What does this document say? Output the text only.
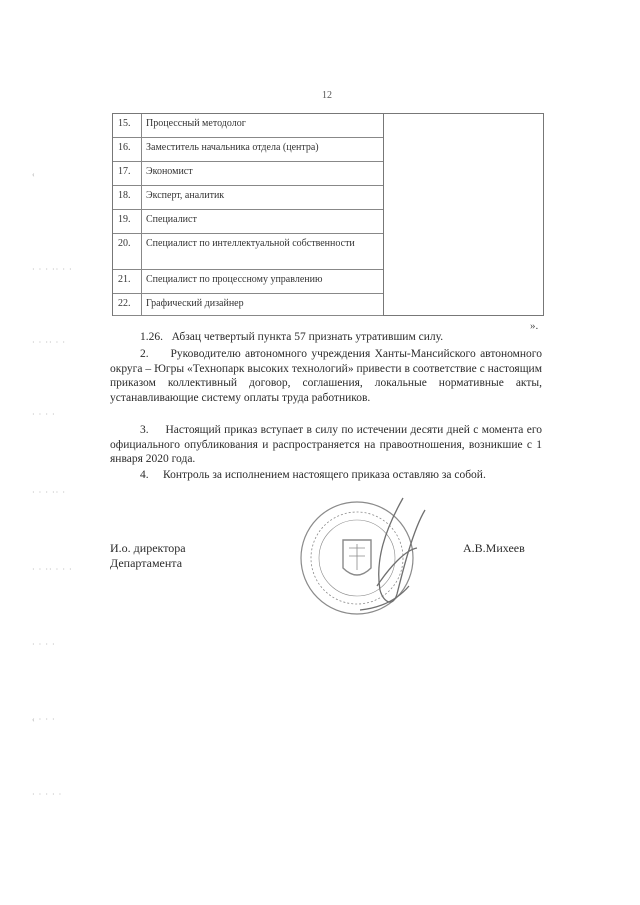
12
15.	Процессный методолог
16.	Заместитель начальника отдела (центра)
17.	Экономист
18.	Эксперт, аналитик
19.	Специалист
20.	Специалист по интеллектуальной собственности
21.	Специалист по процессному управлению
22.	Графический дизайнер
».
1.26. Абзац четвертый пункта 57 признать утратившим силу.
2. Руководителю автономного учреждения Ханты-Мансийского автономного округа – Югры «Технопарк высоких технологий» привести в соответствие с настоящим приказом коллективный договор, соглашения, локальные нормативные акты, устанавливающие систему оплаты труда работников.
3. Настоящий приказ вступает в силу по истечении десяти дней с момента его официального опубликования и распространяется на правоотношения, возникшие с 1 января 2020 года.
4. Контроль за исполнением настоящего приказа оставляю за собой.
И.о. директора
Департамента
А.В.Михеев
‹
· · · ·· · ·
· · ·· · ·
· · · ·
· · · ·· ·
· · ·· · · ·
· · · ·
‹ · · ·
· · · · ·
